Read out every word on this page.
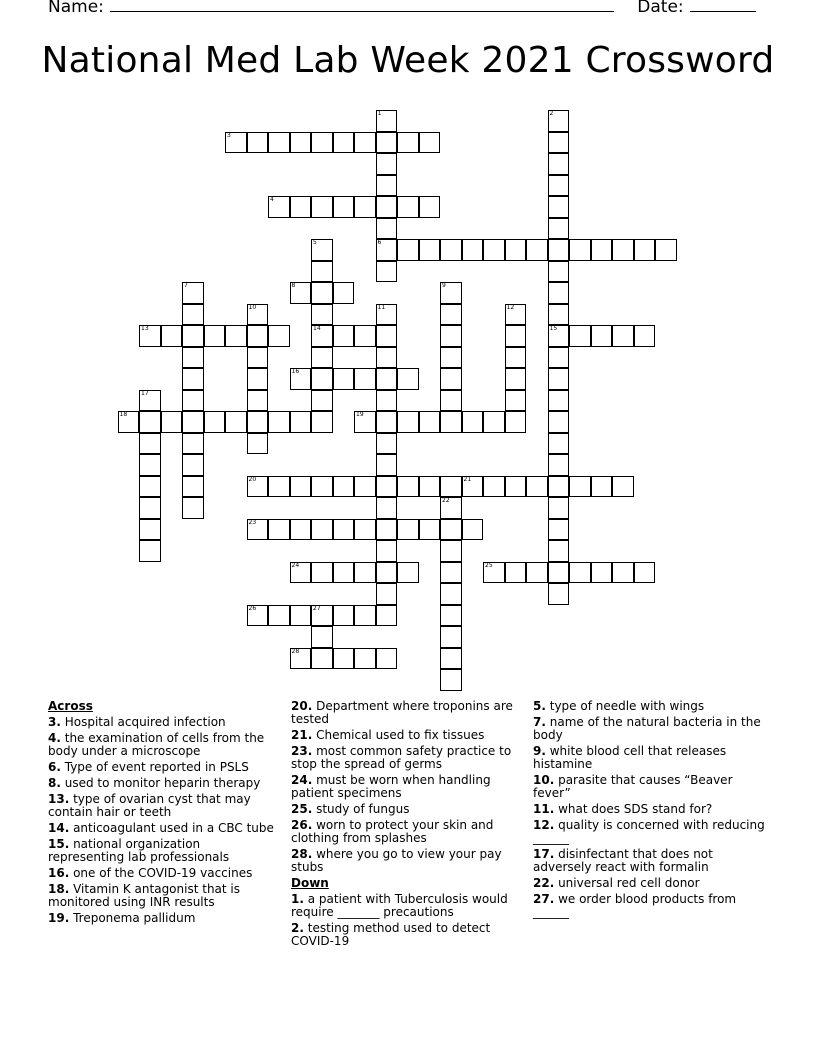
Name:	Date:
National Med Lab Week 2021 Crossword
3
4
6
8
13	14	15
16
18	19
20	21
23
24	25
26	27
28
1	2
5
7	9
10	11	12
17
22
Across
3. Hospital acquired infection
4. the examination of cells from the body under a microscope
6. Type of event reported in PSLS
8. used to monitor heparin therapy
13. type of ovarian cyst that may contain hair or teeth
14. anticoagulant used in a CBC tube
15. national organization representing lab professionals
16. one of the COVID-19 vaccines
18. Vitamin K antagonist that is monitored using INR results
19. Treponema pallidum
20. Department where troponins are tested
21. Chemical used to fix tissues
23. most common safety practice to stop the spread of germs
24. must be worn when handling patient specimens
25. study of fungus
26. worn to protect your skin and clothing from splashes
28. where you go to view your pay stubs
Down
1. a patient with Tuberculosis would require _______ precautions
2. testing method used to detect COVID-19
5. type of needle with wings
7. name of the natural bacteria in the body
9. white blood cell that releases histamine
10. parasite that causes “Beaver fever”
11. what does SDS stand for?
12. quality is concerned with reducing ______
17. disinfectant that does not adversely react with formalin
22. universal red cell donor
27. we order blood products from ______
